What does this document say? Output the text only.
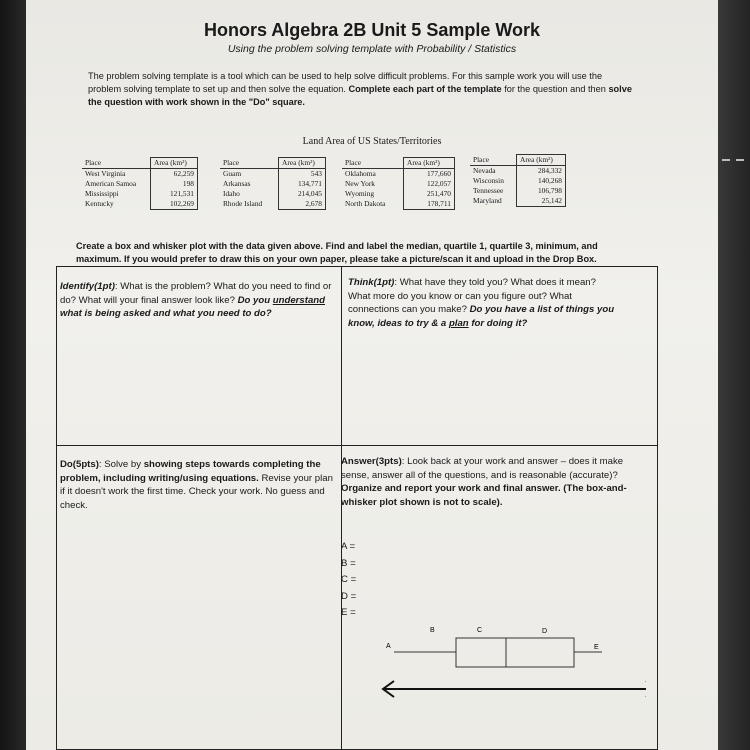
Honors Algebra 2B Unit 5 Sample Work
Using the problem solving template with Probability / Statistics
The problem solving template is a tool which can be used to help solve difficult problems. For this sample work you will use the problem solving template to set up and then solve the equation. Complete each part of the template for the question and then solve the question with work shown in the "Do" square.
Land Area of US States/Territories
Place	Area (km²)
West Virginia	62,259
American Samoa	198
Mississippi	121,531
Kentucky	102,269
Place	Area (km²)
Guam	543
Arkansas	134,771
Idaho	214,045
Rhode Island	2,678
Place	Area (km²)
Oklahoma	177,660
New York	122,057
Wyoming	251,470
North Dakota	178,711
Place	Area (km²)
Nevada	284,332
Wisconsin	140,268
Tennessee	106,798
Maryland	25,142
Create a box and whisker plot with the data given above. Find and label the median, quartile 1, quartile 3, minimum, and maximum. If you would prefer to draw this on your own paper, please take a picture/scan it and upload in the Drop Box.
Identify(1pt): What is the problem? What do you need to find or do? What will your final answer look like? Do you understand what is being asked and what you need to do?
Think(1pt): What have they told you? What does it mean? What more do you know or can you figure out? What connections can you make? Do you have a list of things you know, ideas to try & a plan for doing it?
Do(5pts): Solve by showing steps towards completing the problem, including writing/using equations. Revise your plan if it doesn't work the first time. Check your work. No guess and check.
Answer(3pts): Look back at your work and answer – does it make sense, answer all of the questions, and is reasonable (accurate)? Organize and report your work and final answer. (The box-and-whisker plot shown is not to scale).
A =
B =
C =
D =
E =
A
B	C	D
E
